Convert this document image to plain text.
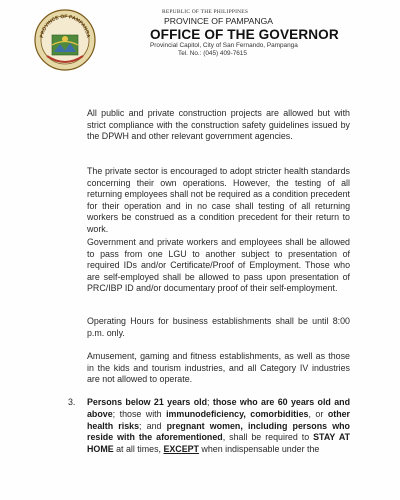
PROVINCE OF PAMPANGA
REPUBLIC OF THE PHILIPPINES
PROVINCE OF PAMPANGA
OFFICE OF THE GOVERNOR
Provincial Capitol, City of San Fernando, Pampanga
Tel. No.: (045) 409-7615

All public and private construction projects are allowed but with strict compliance with the construction safety guidelines issued by the DPWH and other relevant government agencies.

The private sector is encouraged to adopt stricter health standards concerning their own operations. However, the testing of all returning employees shall not be required as a condition precedent for their operation and in no case shall testing of all returning workers be construed as a condition precedent for their return to work.

Government and private workers and employees shall be allowed to pass from one LGU to another subject to presentation of required IDs and/or Certificate/Proof of Employment. Those who are self-employed shall be allowed to pass upon presentation of PRC/IBP ID and/or documentary proof of their self-employment.

Operating Hours for business establishments shall be until 8:00 p.m. only.

Amusement, gaming and fitness establishments, as well as those in the kids and tourism industries, and all Category IV industries are not allowed to operate.

3.	Persons below 21 years old; those who are 60 years old and above; those with immunodeficiency, comorbidities, or other health risks; and pregnant women, including persons who reside with the aforementioned, shall be required to STAY AT HOME at all times, EXCEPT when indispensable under the
